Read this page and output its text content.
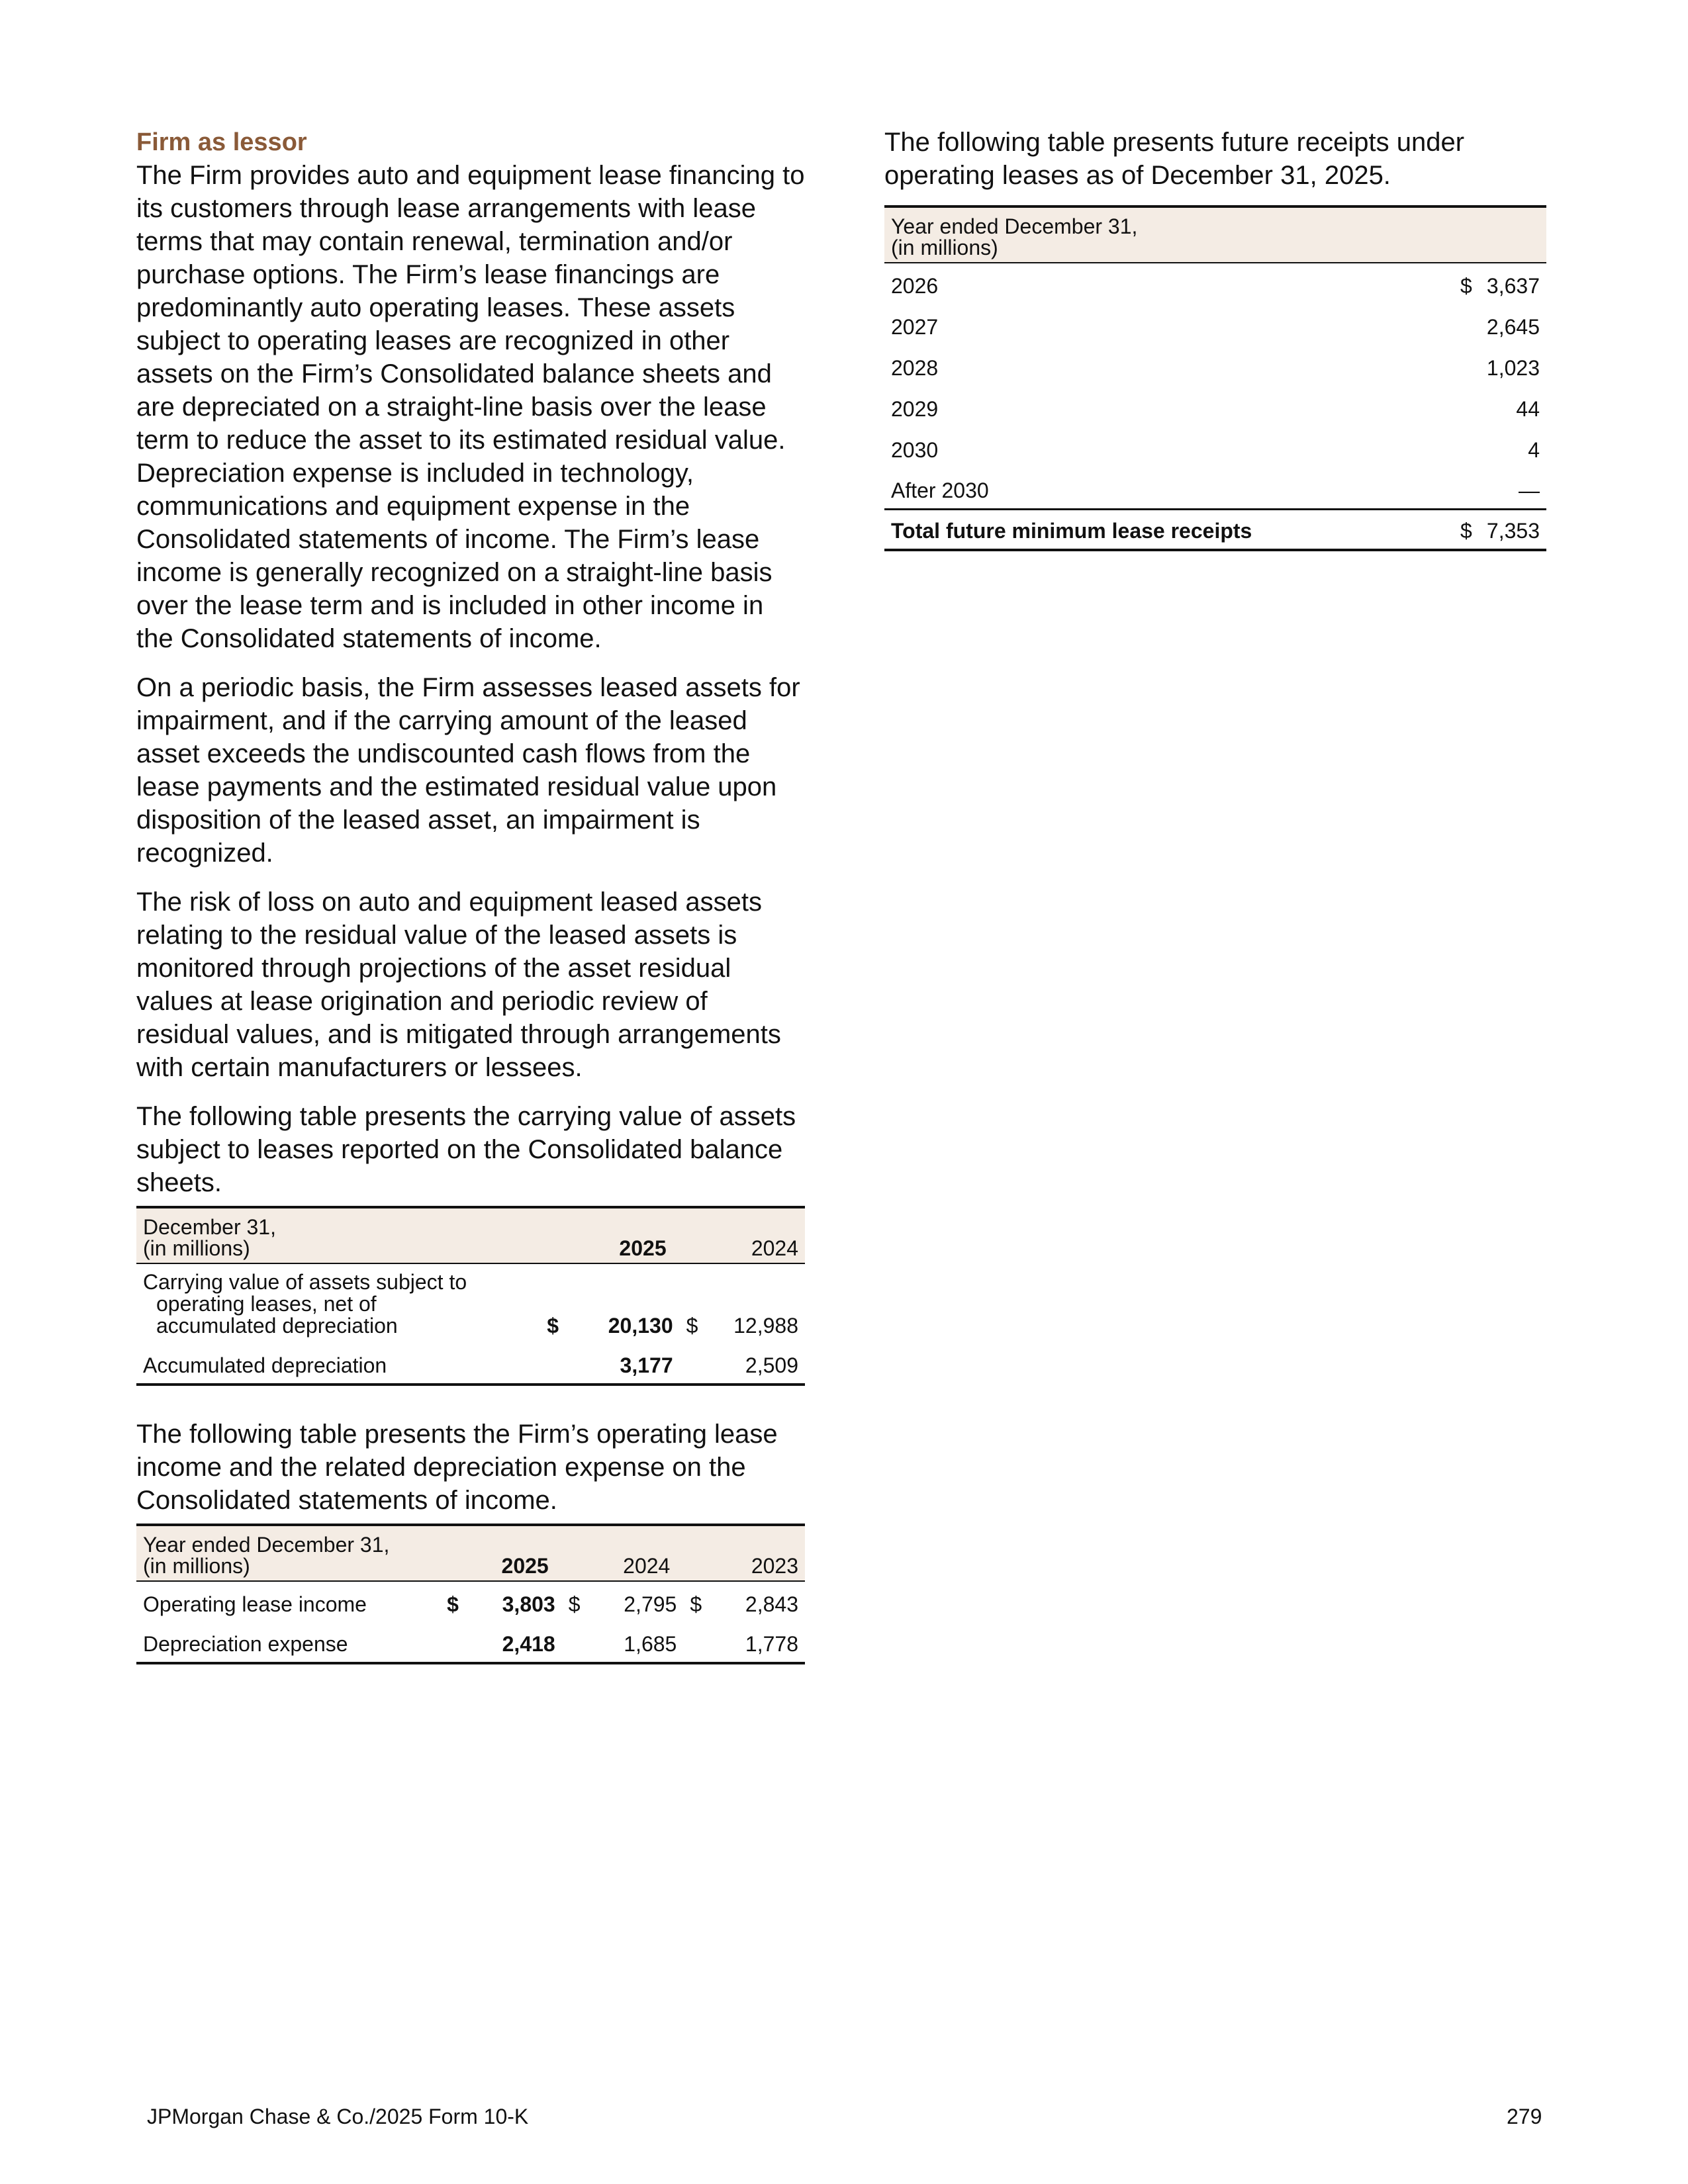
Firm as lessor

The Firm provides auto and equipment lease financing to its customers through lease arrangements with lease terms that may contain renewal, termination and/or purchase options. The Firm’s lease financings are predominantly auto operating leases. These assets subject to operating leases are recognized in other assets on the Firm’s Consolidated balance sheets and are depreciated on a straight-line basis over the lease term to reduce the asset to its estimated residual value. Depreciation expense is included in technology, communications and equipment expense in the Consolidated statements of income. The Firm’s lease income is generally recognized on a straight-line basis over the lease term and is included in other income in the Consolidated statements of income.

On a periodic basis, the Firm assesses leased assets for impairment, and if the carrying amount of the leased asset exceeds the undiscounted cash flows from the lease payments and the estimated residual value upon disposition of the leased asset, an impairment is recognized.

The risk of loss on auto and equipment leased assets relating to the residual value of the leased assets is monitored through projections of the asset residual values at lease origination and periodic review of residual values, and is mitigated through arrangements with certain manufacturers or lessees.

The following table presents the carrying value of assets subject to leases reported on the Consolidated balance sheets.

December 31,
(in millions)	2025		2024	

Carrying value of assets subject to

operating leases, net of
accumulated depreciation	$	20,130	$	12,988
Accumulated depreciation		3,177		2,509

The following table presents the Firm’s operating lease income and the related depreciation expense on the Consolidated statements of income.

Year ended December 31,
(in millions)	2025		2024		2023	
Operating lease income	$	3,803	$	2,795	$	2,843
Depreciation expense		2,418		1,685		1,778

The following table presents future receipts under operating leases as of December 31, 2025.

Year ended December 31,
(in millions)		
2026	$	3,637
2027		2,645
2028		1,023
2029		44
2030		4
After 2030		—
Total future minimum lease receipts	$	7,353
JPMorgan Chase & Co./2025 Form 10-K	279
